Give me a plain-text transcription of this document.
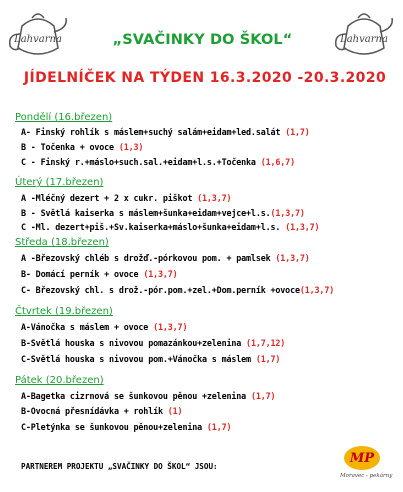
Lahvarna	Lahvarna
„SVAČINKY DO ŠKOL“
JÍDELNÍČEK NA TÝDEN 16.3.2020 -20.3.2020
Pondělí (16.březen)
A- Finský rohlík s máslem+suchý salám+eidam+led.salát (1,7)
B - Točenka + ovoce (1,3)
C - Finský r.+máslo+such.sal.+eidam+l.s.+Točenka (1,6,7)
Úterý (17.březen)
A -Mléčný dezert + 2 x cukr. piškot (1,3,7)
B - Světlá kaiserka s máslem+šunka+eidam+vejce+l.s.(1,3,7)
C -Ml. dezert+piš.+Sv.kaiserka+máslo+šunka+eidam+l.s. (1,3,7)
Středa (18.březen)
A -Březovský chléb s drožď.-pórkovou pom. + pamlsek (1,3,7)
B- Domácí perník + ovoce (1,3,7)
C- Březovský chl. s drož.-pór.pom.+zel.+Dom.perník +ovoce(1,3,7)
Čtvrtek (19.březen)
A-Vánočka s máslem + ovoce (1,3,7)
B-Světlá houska s nivovou pomazánkou+zelenina (1,7,12)
C-Světlá houska s nivovou pom.+Vánočka s máslem (1,7)
Pátek (20.březen)
A-Bagetka cizrnová se šunkovou pěnou +zelenina (1,7)
B-Ovocná přesnídávka + rohlík (1)
C-Pletýnka se šunkovou pěnou+zelenina (1,7)
PARTNEREM PROJEKTU „SVAČINKY DO ŠKOL“ JSOU:
MP
Moravec - pekárny
